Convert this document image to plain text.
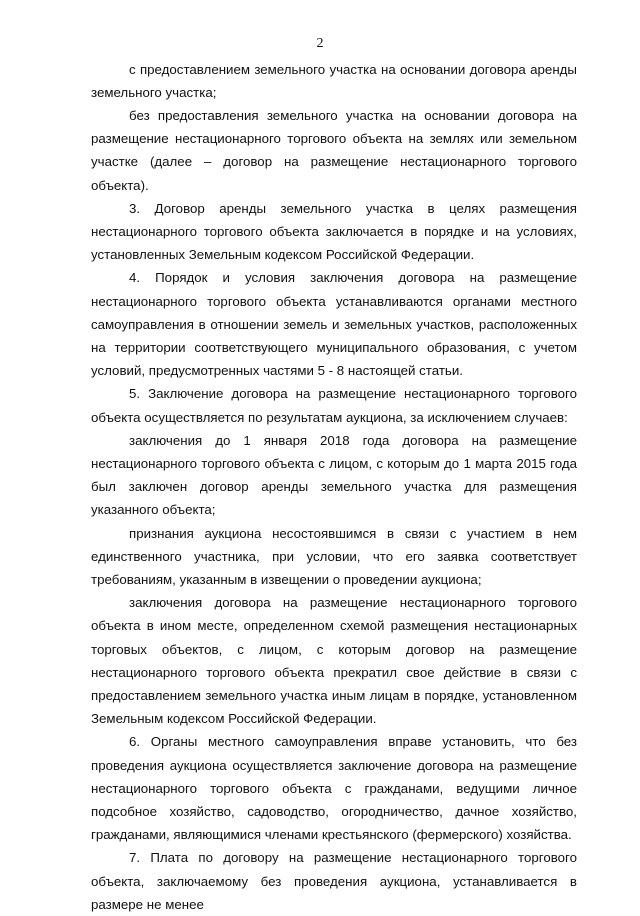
2

с предоставлением земельного участка на основании договора аренды земельного участка;

без предоставления земельного участка на основании договора на размещение нестационарного торгового объекта на землях или земельном участке (далее – договор на размещение нестационарного торгового объекта).

3. Договор аренды земельного участка в целях размещения нестационарного торгового объекта заключается в порядке и на условиях, установленных Земельным кодексом Российской Федерации.

4. Порядок и условия заключения договора на размещение нестационарного торгового объекта устанавливаются органами местного самоуправления в отношении земель и земельных участков, расположенных на территории соответствующего муниципального образования, с учетом условий, предусмотренных частями 5 - 8 настоящей статьи.

5. Заключение договора на размещение нестационарного торгового объекта осуществляется по результатам аукциона, за исключением случаев:

заключения до 1 января 2018 года договора на размещение нестационарного торгового объекта с лицом, с которым до 1 марта 2015 года был заключен договор аренды земельного участка для размещения указанного объекта;

признания аукциона несостоявшимся в связи с участием в нем единственного участника, при условии, что его заявка соответствует требованиям, указанным в извещении о проведении аукциона;

заключения договора на размещение нестационарного торгового объекта в ином месте, определенном схемой размещения нестационарных торговых объектов, с лицом, с которым договор на размещение нестационарного торгового объекта прекратил свое действие в связи с предоставлением земельного участка иным лицам в порядке, установленном Земельным кодексом Российской Федерации.

6. Органы местного самоуправления вправе установить, что без проведения аукциона осуществляется заключение договора на размещение нестационарного торгового объекта с гражданами, ведущими личное подсобное хозяйство, садоводство, огородничество, дачное хозяйство, гражданами, являющимися членами крестьянского (фермерского) хозяйства.

7. Плата по договору на размещение нестационарного торгового объекта, заключаемому без проведения аукциона, устанавливается в размере не менее
